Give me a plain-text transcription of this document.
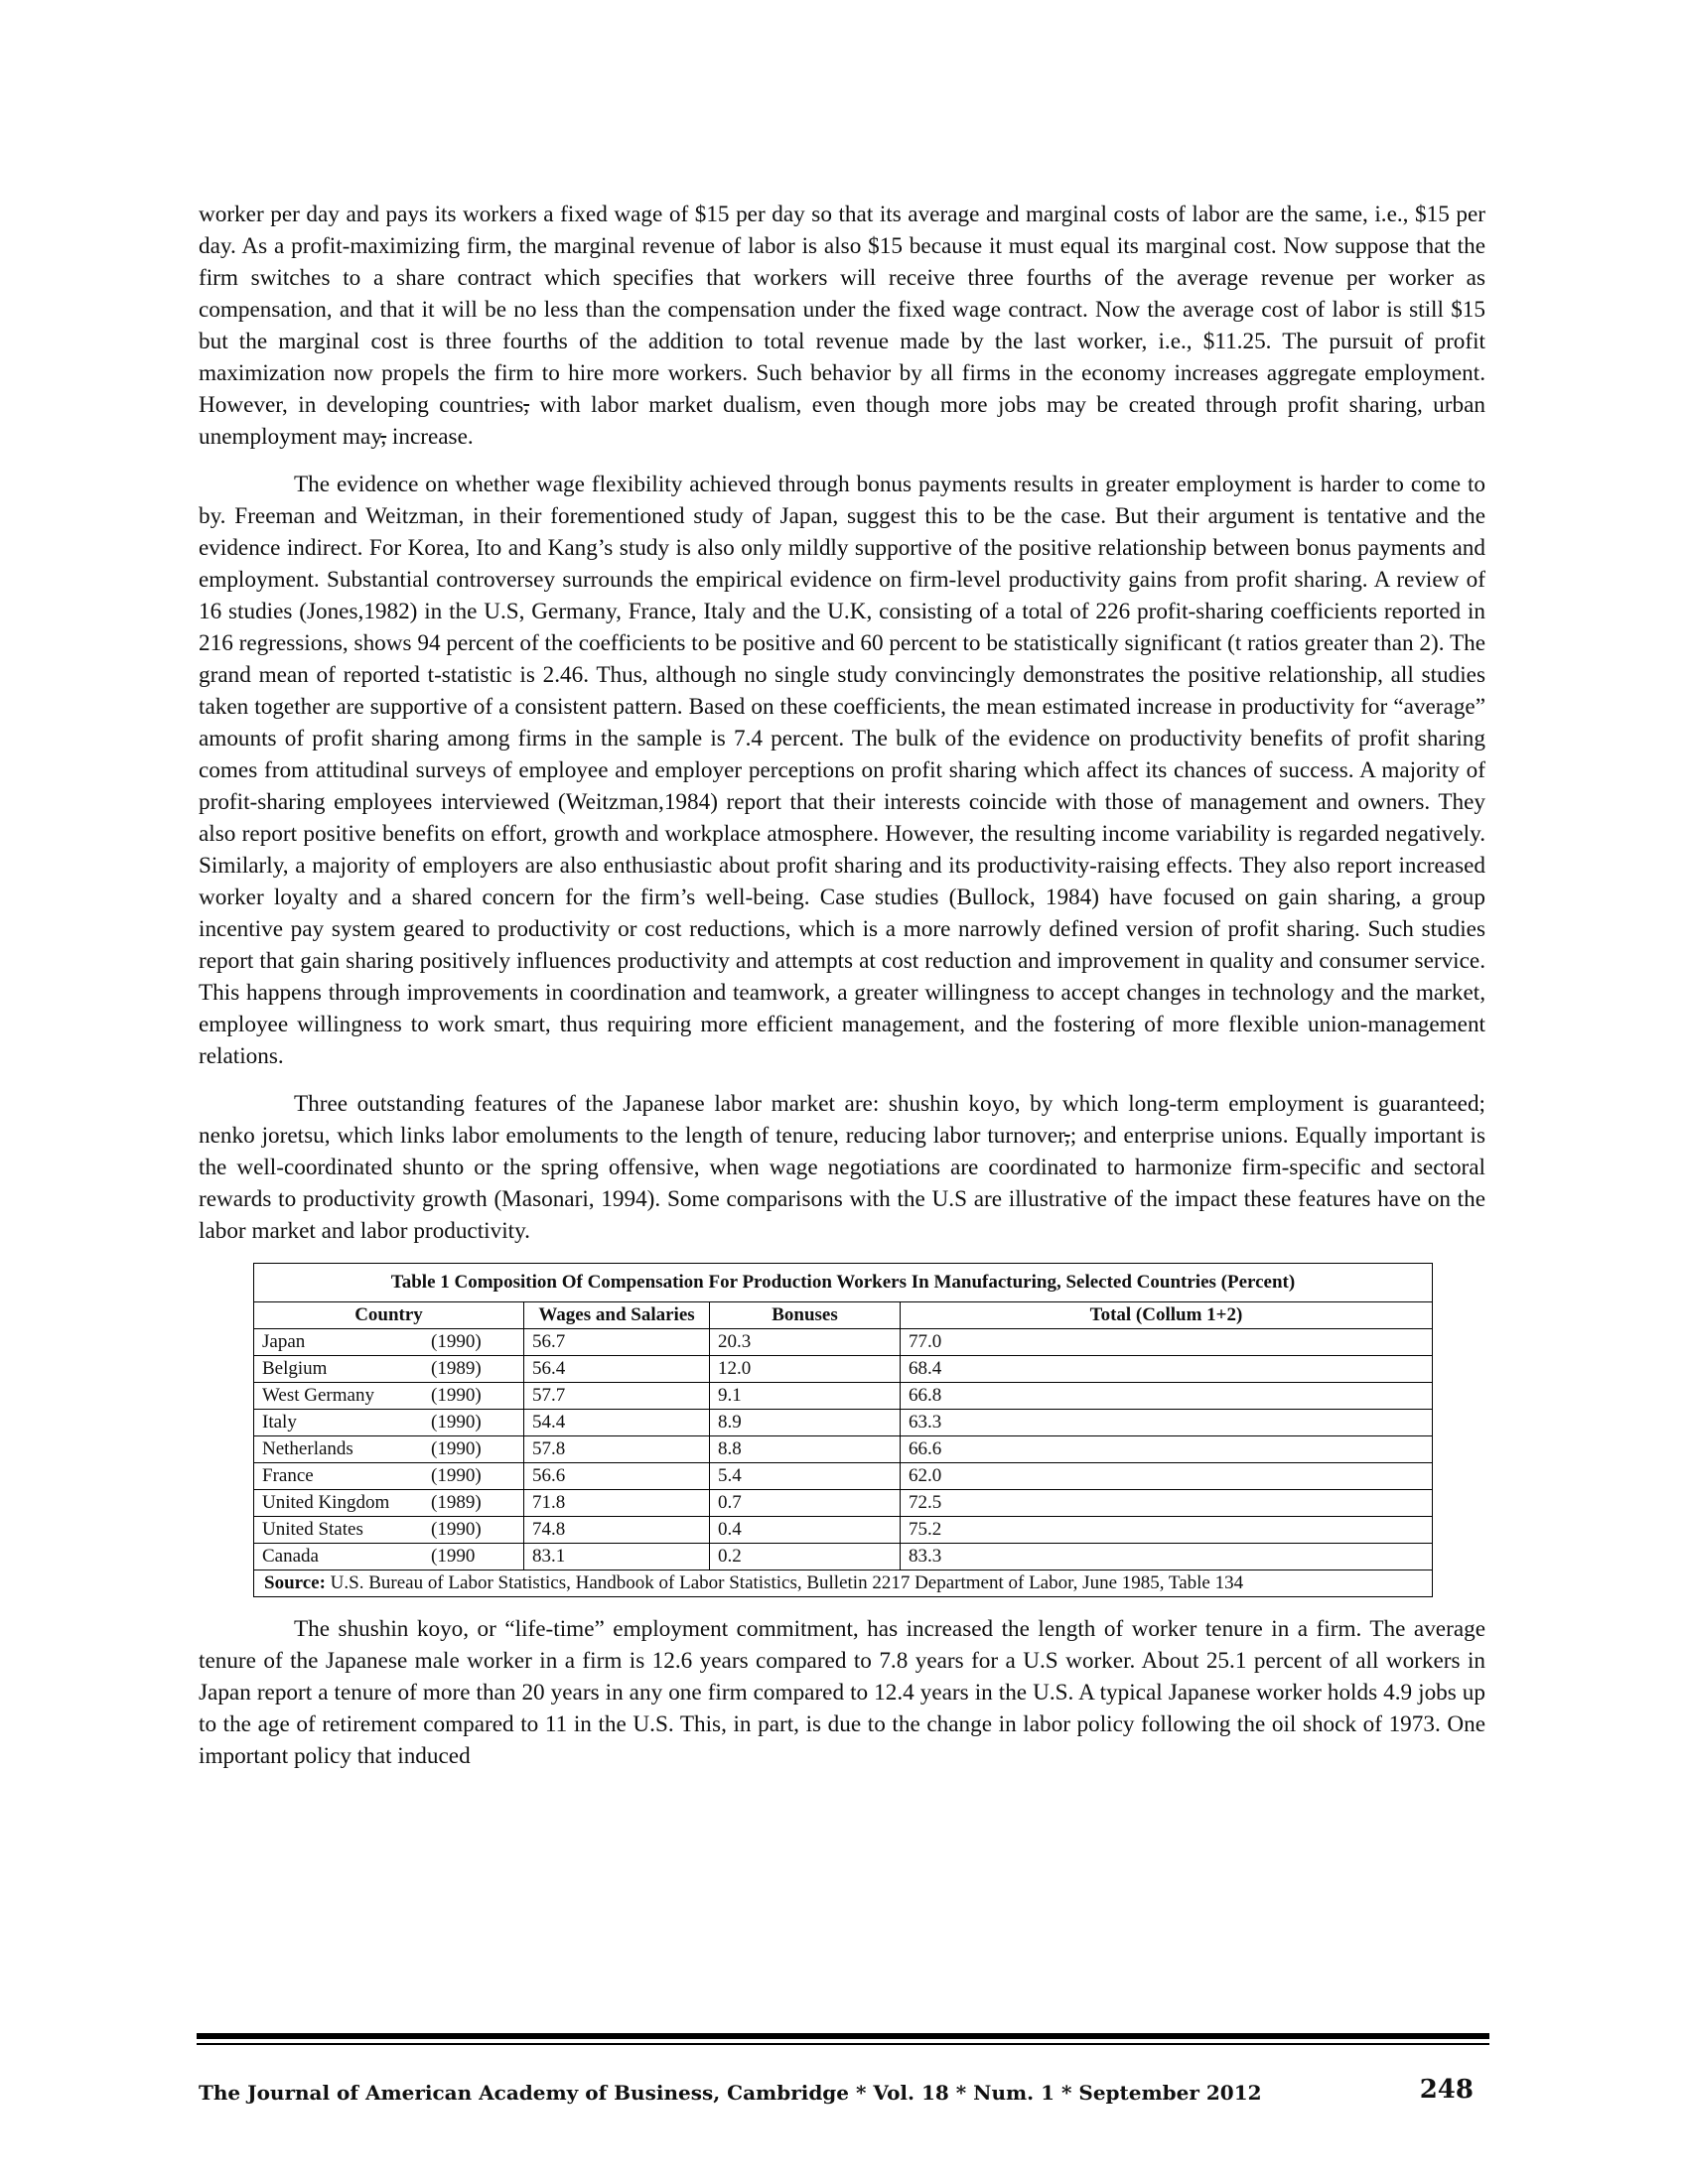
worker per day and pays its workers a fixed wage of $15 per day so that its average and marginal costs of labor are the same, i.e., $15 per day. As a profit-maximizing firm, the marginal revenue of labor is also $15 because it must equal its marginal cost. Now suppose that the firm switches to a share contract which specifies that workers will receive three fourths of the average revenue per worker as compensation, and that it will be no less than the compensation under the fixed wage contract. Now the average cost of labor is still $15 but the marginal cost is three fourths of the addition to total revenue made by the last worker, i.e., $11.25. The pursuit of profit maximization now propels the firm to hire more workers. Such behavior by all firms in the economy increases aggregate employment. However, in developing countries, with labor market dualism, even though more jobs may be created through profit sharing, urban unemployment may, increase.

The evidence on whether wage flexibility achieved through bonus payments results in greater employment is harder to come to by. Freeman and Weitzman, in their forementioned study of Japan, suggest this to be the case. But their argument is tentative and the evidence indirect. For Korea, Ito and Kang’s study is also only mildly supportive of the positive relationship between bonus payments and employment. Substantial controversey surrounds the empirical evidence on firm-level productivity gains from profit sharing. A review of 16 studies (Jones,1982) in the U.S, Germany, France, Italy and the U.K, consisting of a total of 226 profit-sharing coefficients reported in 216 regressions, shows 94 percent of the coefficients to be positive and 60 percent to be statistically significant (t ratios greater than 2). The grand mean of reported t-statistic is 2.46. Thus, although no single study convincingly demonstrates the positive relationship, all studies taken together are supportive of a consistent pattern. Based on these coefficients, the mean estimated increase in productivity for “average” amounts of profit sharing among firms in the sample is 7.4 percent. The bulk of the evidence on productivity benefits of profit sharing comes from attitudinal surveys of employee and employer perceptions on profit sharing which affect its chances of success. A majority of profit-sharing employees interviewed (Weitzman,1984) report that their interests coincide with those of management and owners. They also report positive benefits on effort, growth and workplace atmosphere. However, the resulting income variability is regarded negatively. Similarly, a majority of employers are also enthusiastic about profit sharing and its productivity-raising effects. They also report increased worker loyalty and a shared concern for the firm’s well-being. Case studies (Bullock, 1984) have focused on gain sharing, a group incentive pay system geared to productivity or cost reductions, which is a more narrowly defined version of profit sharing. Such studies report that gain sharing positively influences productivity and attempts at cost reduction and improvement in quality and consumer service. This happens through improvements in coordination and teamwork, a greater willingness to accept changes in technology and the market, employee willingness to work smart, thus requiring more efficient management, and the fostering of more flexible union-management relations.

Three outstanding features of the Japanese labor market are: shushin koyo, by which long-term employment is guaranteed; nenko joretsu, which links labor emoluments to the length of tenure, reducing labor turnover,; and enterprise unions. Equally important is the well-coordinated shunto or the spring offensive, when wage negotiations are coordinated to harmonize firm-specific and sectoral rewards to productivity growth (Masonari, 1994). Some comparisons with the U.S are illustrative of the impact these features have on the labor market and labor productivity.

Table 1 Composition Of Compensation For Production Workers In Manufacturing, Selected Countries (Percent)			
Country	Wages and Salaries	Bonuses	Total (Collum 1+2)
Japan (1990)	56.7	20.3	77.0
Belgium (1989)	56.4	12.0	68.4
West Germany (1990)	57.7	9.1	66.8
Italy (1990)	54.4	8.9	63.3
Netherlands (1990)	57.8	8.8	66.6
France (1990)	56.6	5.4	62.0
United Kingdom (1989)	71.8	0.7	72.5
United States (1990)	74.8	0.4	75.2
Canada (1990	83.1	0.2	83.3
Source: U.S. Bureau of Labor Statistics, Handbook of Labor Statistics, Bulletin 2217 Department of Labor, June 1985, Table 134			

The shushin koyo, or “life-time” employment commitment, has increased the length of worker tenure in a firm. The average tenure of the Japanese male worker in a firm is 12.6 years compared to 7.8 years for a U.S worker. About 25.1 percent of all workers in Japan report a tenure of more than 20 years in any one firm compared to 12.4 years in the U.S. A typical Japanese worker holds 4.9 jobs up to the age of retirement compared to 11 in the U.S. This, in part, is due to the change in labor policy following the oil shock of 1973. One important policy that induced

The Journal of American Academy of Business, Cambridge * Vol. 18 * Num. 1 * September 2012	248
